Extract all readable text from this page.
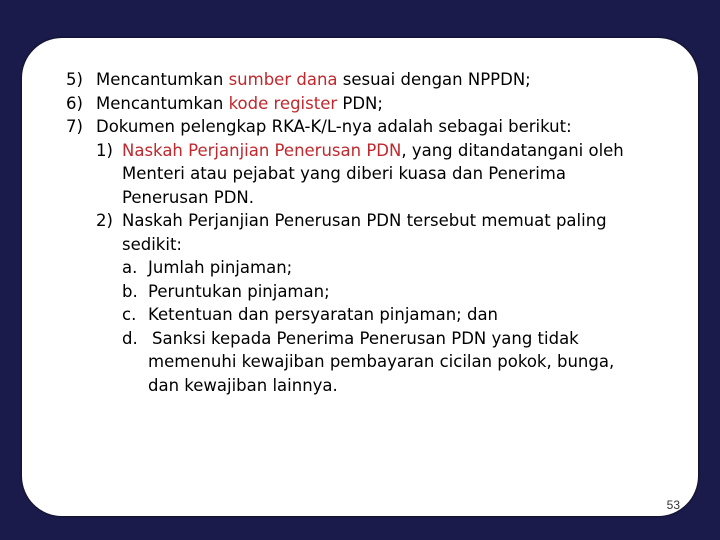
5) Mencantumkan sumber dana sesuai dengan NPPDN;
6) Mencantumkan kode register PDN;
7) Dokumen pelengkap RKA-K/L-nya adalah sebagai berikut:
1) Naskah Perjanjian Penerusan PDN, yang ditandatangani oleh
Menteri atau pejabat yang diberi kuasa dan Penerima
Penerusan PDN.
2) Naskah Perjanjian Penerusan PDN tersebut memuat paling
sedikit:
a. Jumlah pinjaman;
b. Peruntukan pinjaman;
c. Ketentuan dan persyaratan pinjaman; dan
d. Sanksi kepada Penerima Penerusan PDN yang tidak
memenuhi kewajiban pembayaran cicilan pokok, bunga,
dan kewajiban lainnya.
53
